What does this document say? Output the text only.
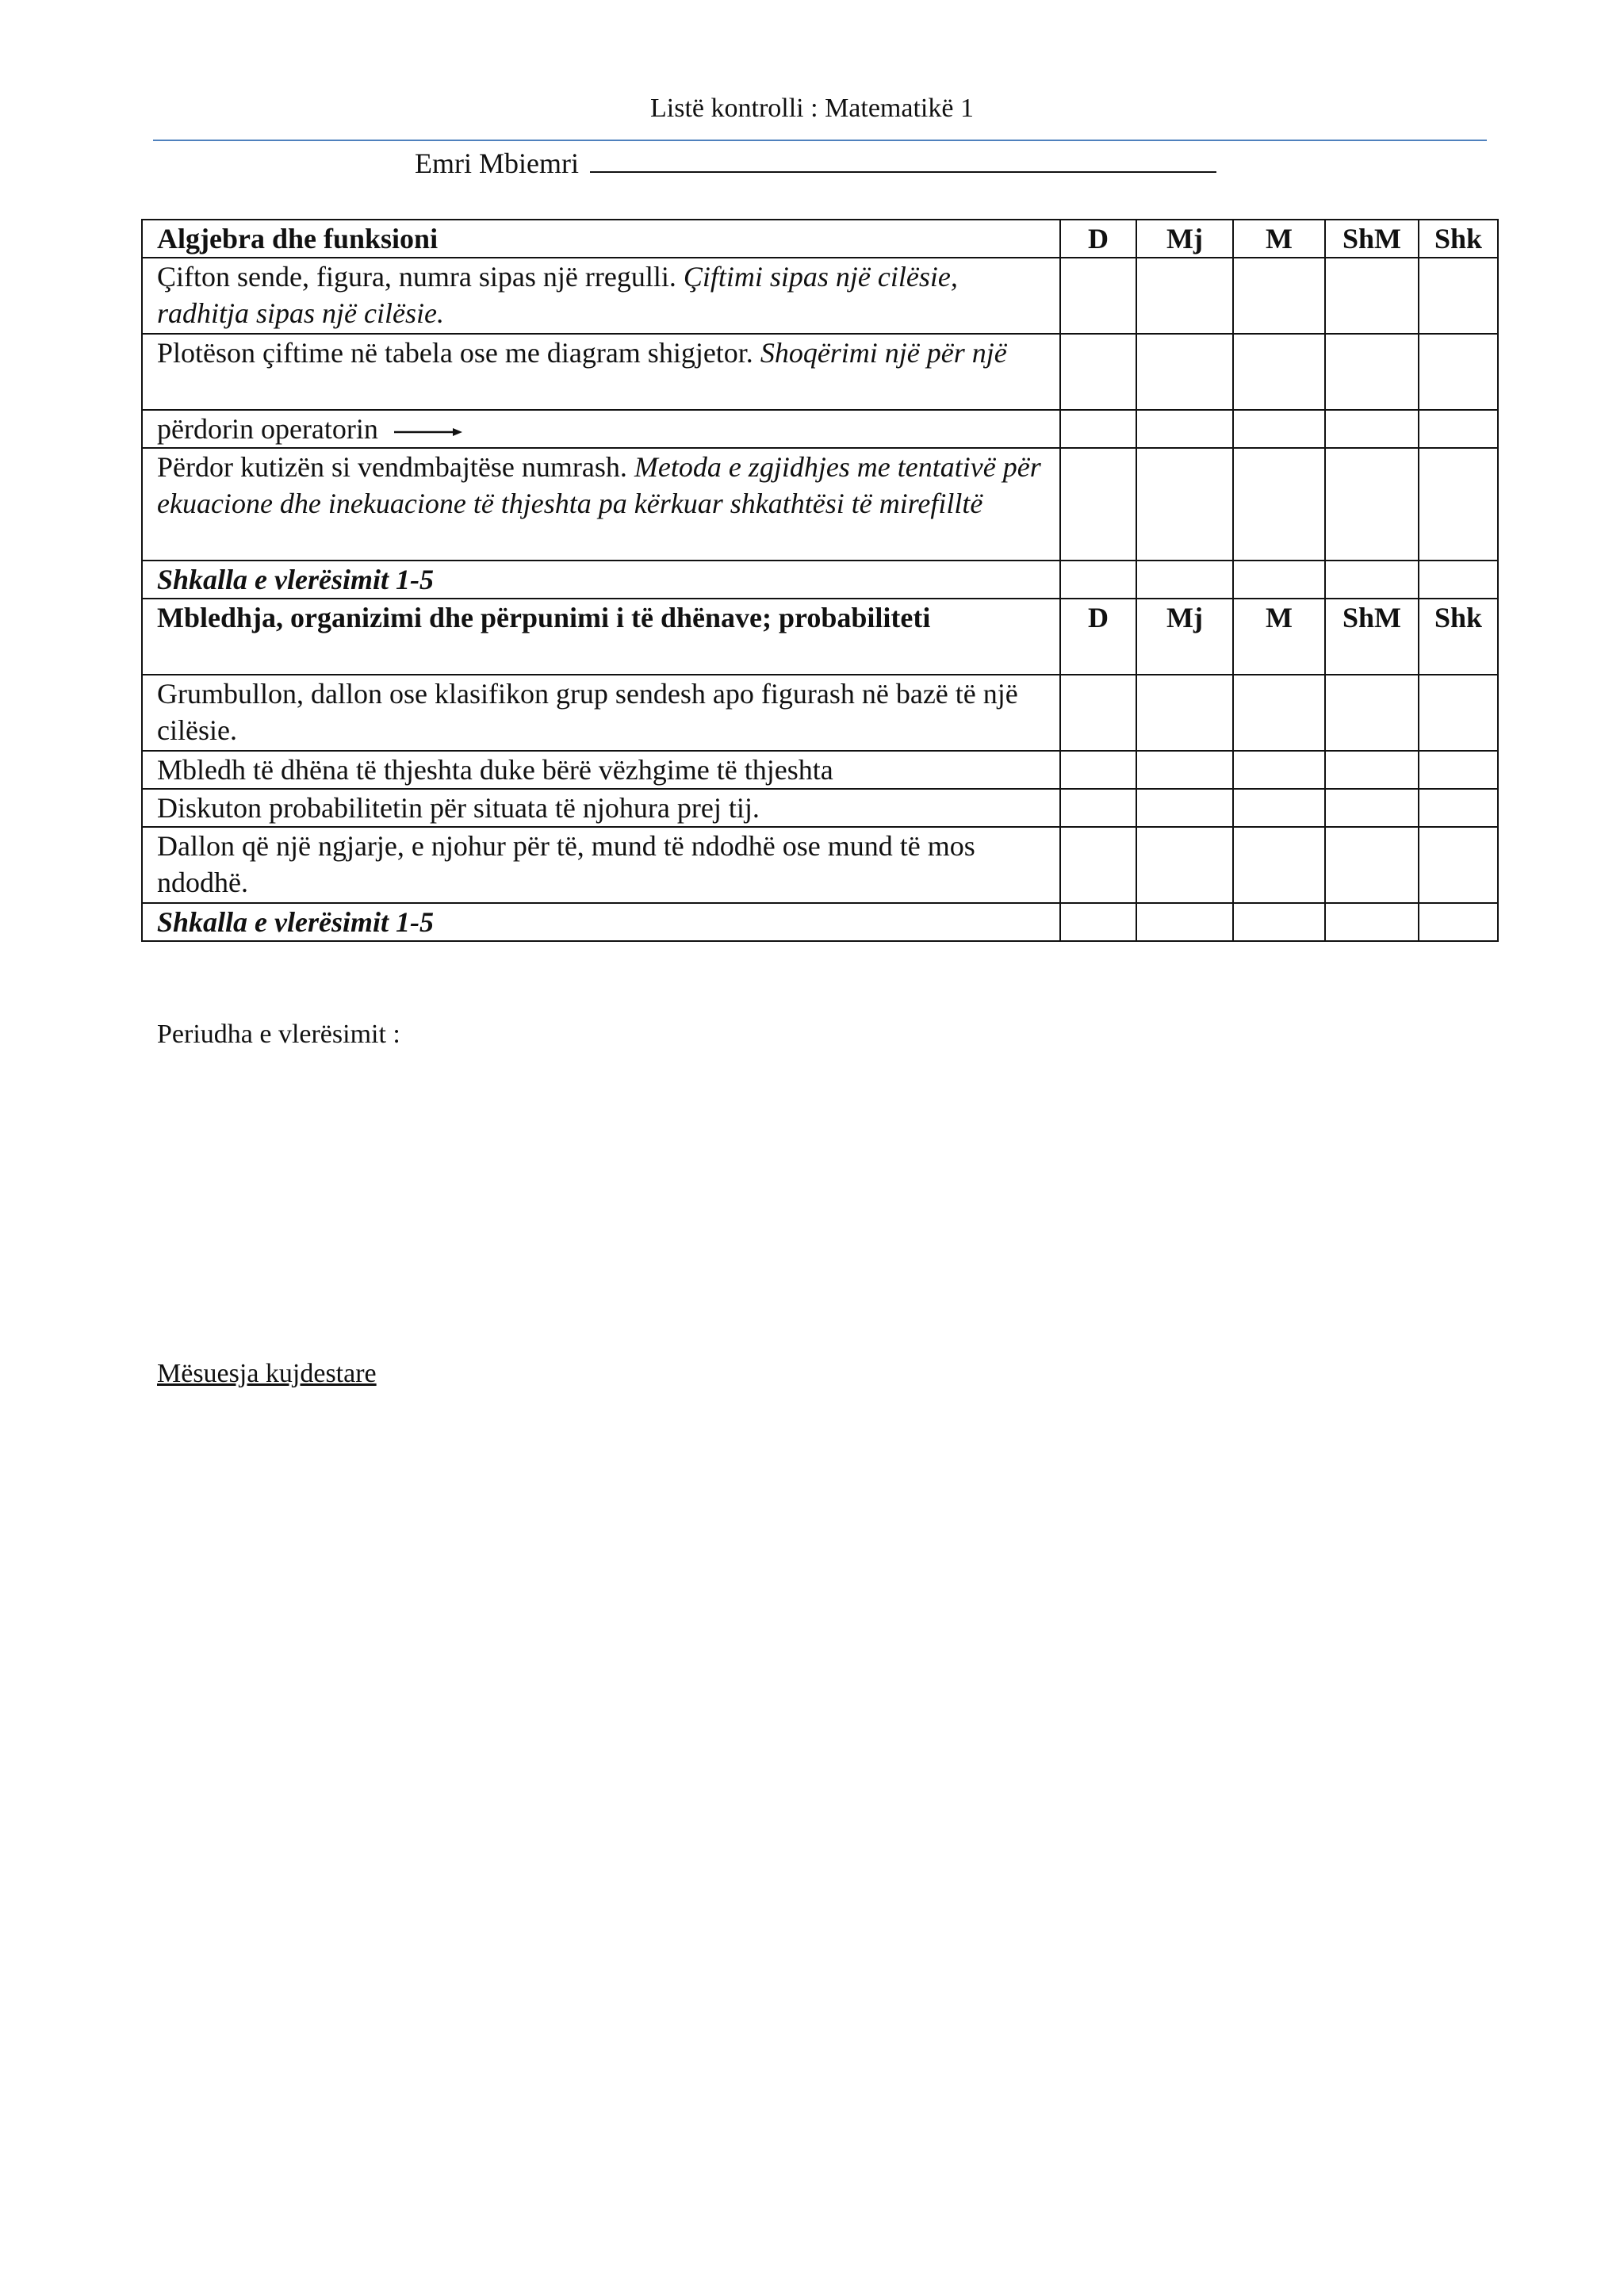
Listë kontrolli : Matematikë 1
Emri Mbiemri
Algjebra dhe funksioni	D	Mj	M	ShM	Shk
Çifton sende, figura, numra sipas një rregulli. Çiftimi sipas një cilësie, radhitja sipas një cilësie.					
Plotëson çiftime në tabela ose me diagram shigjetor. Shoqërimi një për një					
përdorin operatorin					
Përdor kutizën si vendmbajtëse numrash. Metoda e zgjidhjes me tentativë për ekuacione dhe inekuacione të thjeshta pa kërkuar shkathtësi të mirefilltë					
Shkalla e vlerësimit 1-5					
Mbledhja, organizimi dhe përpunimi i të dhënave; probabiliteti	D	Mj	M	ShM	Shk
Grumbullon, dallon ose klasifikon grup sendesh apo figurash në bazë të një cilësie.					
Mbledh të dhëna të thjeshta duke bërë vëzhgime të thjeshta					
Diskuton probabilitetin për situata të njohura prej tij.					
Dallon që një ngjarje, e njohur për të, mund të ndodhë ose mund të mos ndodhë.					
Shkalla e vlerësimit 1-5					
Periudha e vlerësimit :
Mësuesja kujdestare
